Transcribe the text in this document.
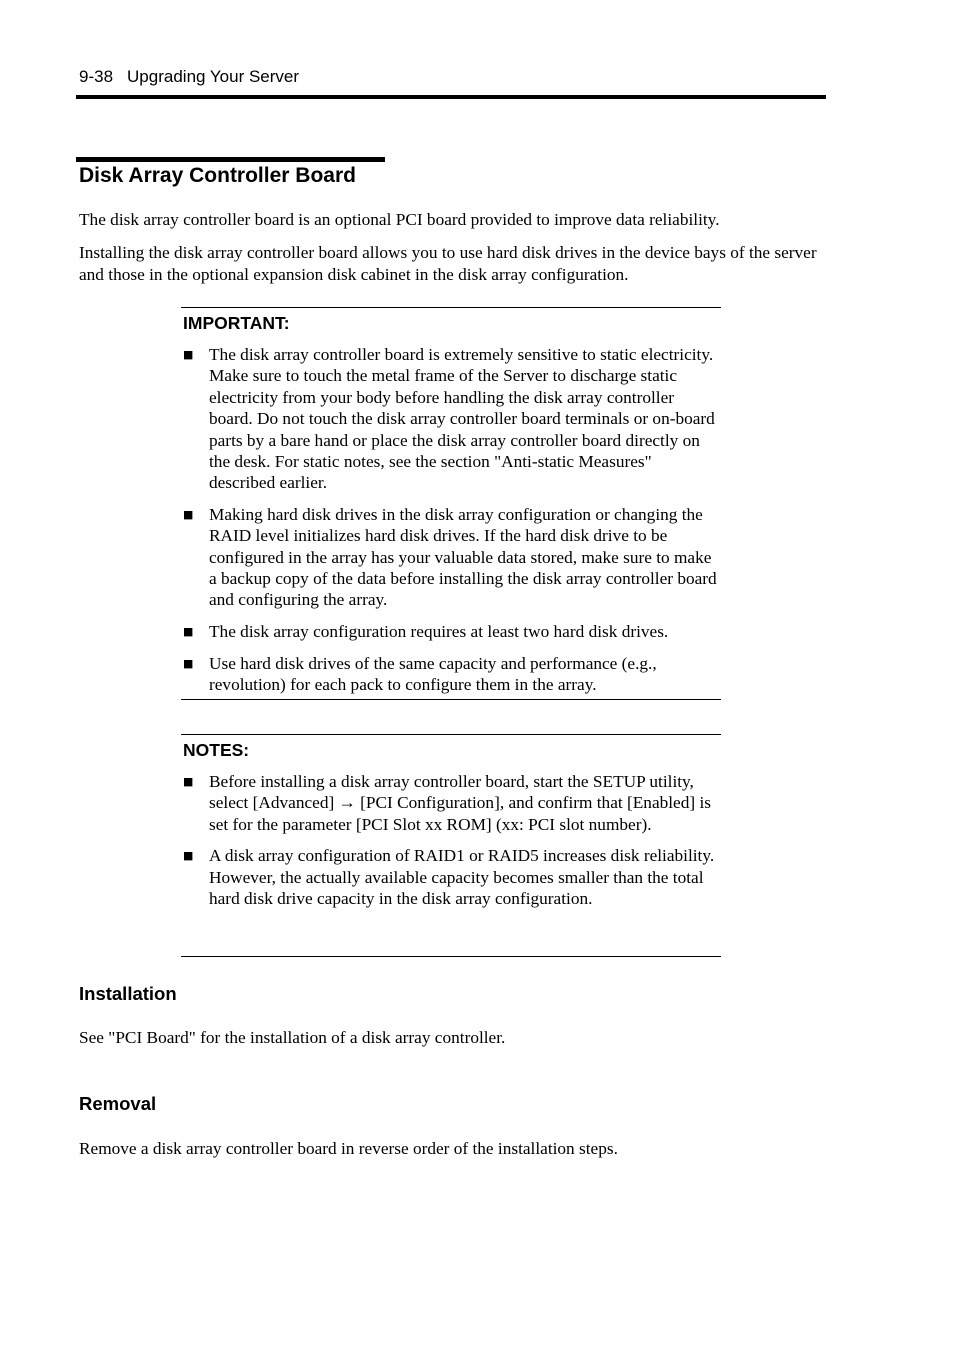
9-38 Upgrading Your Server
Disk Array Controller Board

The disk array controller board is an optional PCI board provided to improve data reliability.

Installing the disk array controller board allows you to use hard disk drives in the device bays of the server and those in the optional expansion disk cabinet in the disk array configuration.

IMPORTANT:
■ The disk array controller board is extremely sensitive to static electricity. Make sure to touch the metal frame of the Server to discharge static electricity from your body before handling the disk array controller board. Do not touch the disk array controller board terminals or on-board parts by a bare hand or place the disk array controller board directly on the desk. For static notes, see the section "Anti-static Measures" described earlier.
■ Making hard disk drives in the disk array configuration or changing the RAID level initializes hard disk drives. If the hard disk drive to be configured in the array has your valuable data stored, make sure to make a backup copy of the data before installing the disk array controller board and configuring the array.
■ The disk array configuration requires at least two hard disk drives.
■ Use hard disk drives of the same capacity and performance (e.g., revolution) for each pack to configure them in the array.
NOTES:
■ Before installing a disk array controller board, start the SETUP utility, select [Advanced] → [PCI Configuration], and confirm that [Enabled] is set for the parameter [PCI Slot xx ROM] (xx: PCI slot number).
■ A disk array configuration of RAID1 or RAID5 increases disk reliability. However, the actually available capacity becomes smaller than the total hard disk drive capacity in the disk array configuration.
Installation

See "PCI Board" for the installation of a disk array controller.

Removal

Remove a disk array controller board in reverse order of the installation steps.
